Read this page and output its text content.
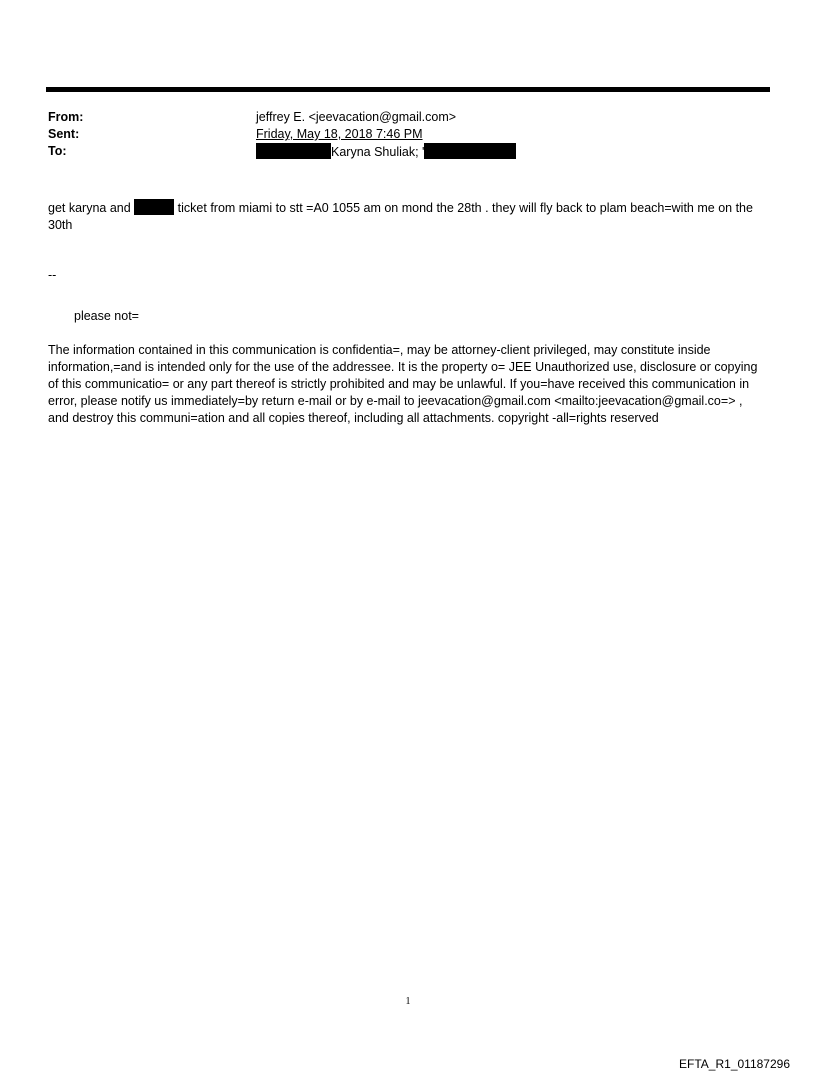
From:	jeffrey E. <jeevacation@gmail.com>
Sent:	Friday, May 18, 2018 7:46 PM
To:	Karyna Shuliak; '
get karyna and	ticket from miami to stt =A0 1055 am on mond the 28th . they will fly back to plam beach=with me on the 30th
--
please not=
The information contained in this communication is confidentia=, may be attorney-client privileged, may constitute inside information,=and is intended only for the use of the addressee. It is the property o= JEE Unauthorized use, disclosure or copying of this communicatio= or any part thereof is strictly prohibited and may be unlawful. If you=have received this communication in error, please notify us immediately=by return e-mail or by e-mail to jeevacation@gmail.com <mailto:jeevacation@gmail.co=> , and destroy this communi=ation and all copies thereof, including all attachments. copyright -all=rights reserved
1
EFTA_R1_01187296
